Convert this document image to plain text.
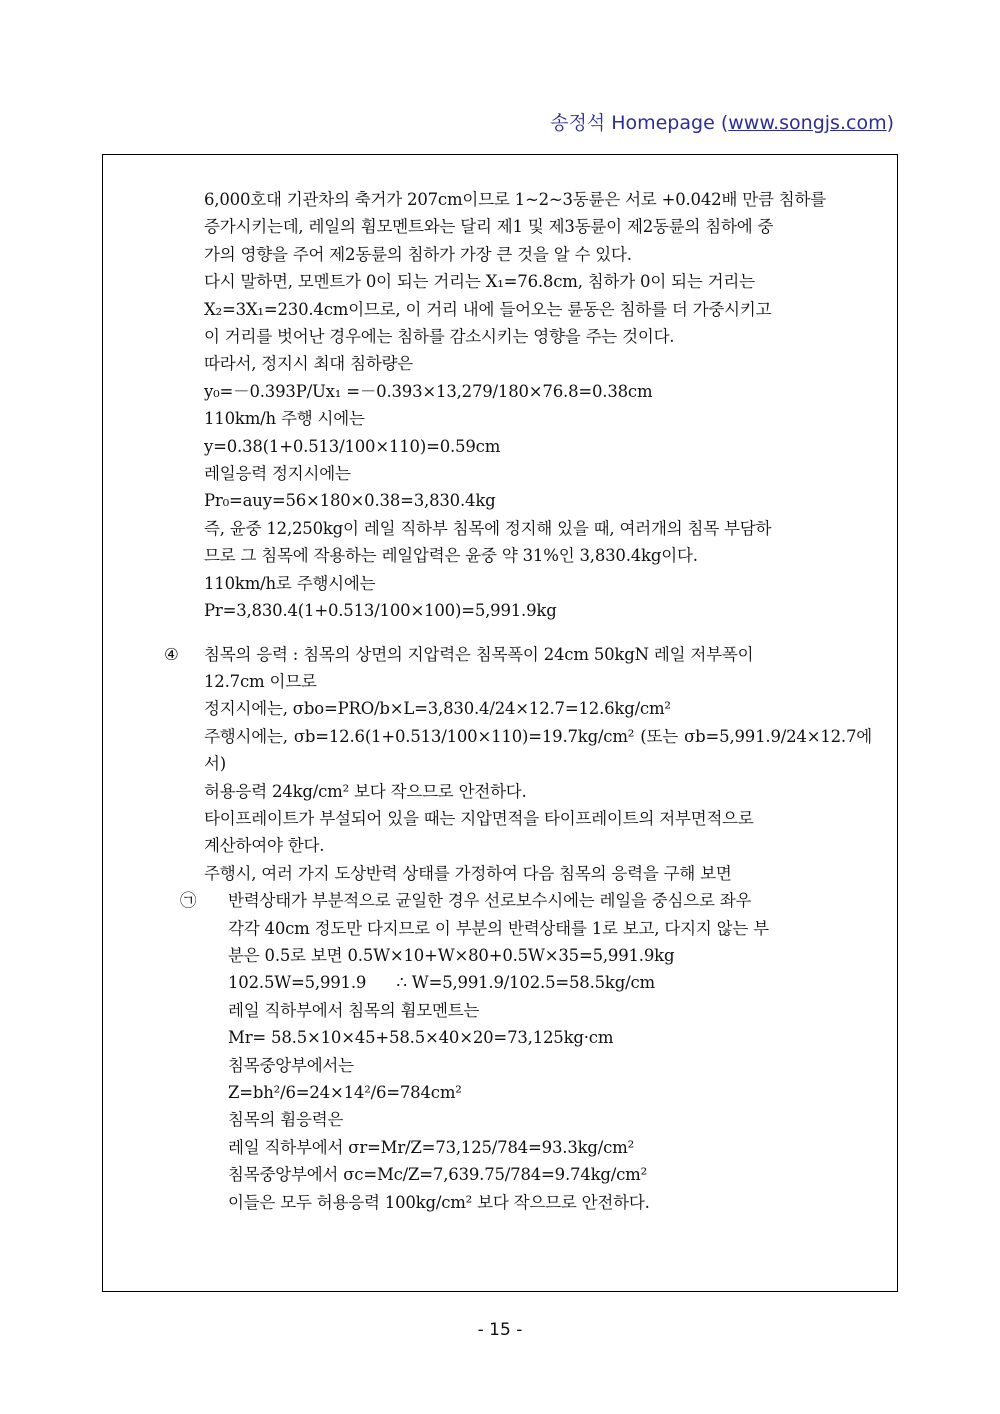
송정석 Homepage (www.songjs.com)

6,000호대 기관차의 축거가 207cm이므로 1~2~3동륜은 서로 +0.042배 만큼 침하를

증가시키는데, 레일의 휨모멘트와는 달리 제1 및 제3동륜이 제2동륜의 침하에 중

가의 영향을 주어 제2동륜의 침하가 가장 큰 것을 알 수 있다.

다시 말하면, 모멘트가 0이 되는 거리는 X₁=76.8cm, 침하가 0이 되는 거리는

X₂=3X₁=230.4cm이므로, 이 거리 내에 들어오는 륜동은 침하를 더 가중시키고

이 거리를 벗어난 경우에는 침하를 감소시키는 영향을 주는 것이다.

따라서, 정지시 최대 침하량은

y₀=－0.393P/Ux₁ =－0.393×13,279/180×76.8=0.38cm

110km/h 주행 시에는

y=0.38(1+0.513/100×110)=0.59cm

레일응력 정지시에는

Pr₀=auy=56×180×0.38=3,830.4kg

즉, 윤중 12,250kg이 레일 직하부 침목에 정지해 있을 때, 여러개의 침목 부담하

므로 그 침목에 작용하는 레일압력은 윤중 약 31%인 3,830.4kg이다.

110km/h로 주행시에는

Pr=3,830.4(1+0.513/100×100)=5,991.9kg

④ 침목의 응력 : 침목의 상면의 지압력은 침목폭이 24cm 50kgN 레일 저부폭이

12.7cm 이므로

정지시에는, σbo=PRO/b×L=3,830.4/24×12.7=12.6kg/cm²

주행시에는, σb=12.6(1+0.513/100×110)=19.7kg/cm² (또는 σb=5,991.9/24×12.7에서)

허용응력 24kg/cm² 보다 작으므로 안전하다.

타이프레이트가 부설되어 있을 때는 지압면적을 타이프레이트의 저부면적으로

계산하여야 한다.

주행시, 여러 가지 도상반력 상태를 가정하여 다음 침목의 응력을 구해 보면

㉠ 반력상태가 부분적으로 균일한 경우 선로보수시에는 레일을 중심으로 좌우

각각 40cm 정도만 다지므로 이 부분의 반력상태를 1로 보고, 다지지 않는 부

분은 0.5로 보면 0.5W×10+W×80+0.5W×35=5,991.9kg

102.5W=5,991.9      ∴ W=5,991.9/102.5=58.5kg/cm

레일 직하부에서 침목의 휨모멘트는

Mr= 58.5×10×45+58.5×40×20=73,125kg·cm

침목중앙부에서는

Z=bh²/6=24×14²/6=784cm²

침목의 휨응력은

레일 직하부에서 σr=Mr/Z=73,125/784=93.3kg/cm²

침목중앙부에서 σc=Mc/Z=7,639.75/784=9.74kg/cm²

이들은 모두 허용응력 100kg/cm² 보다 작으므로 안전하다.

- 15 -
